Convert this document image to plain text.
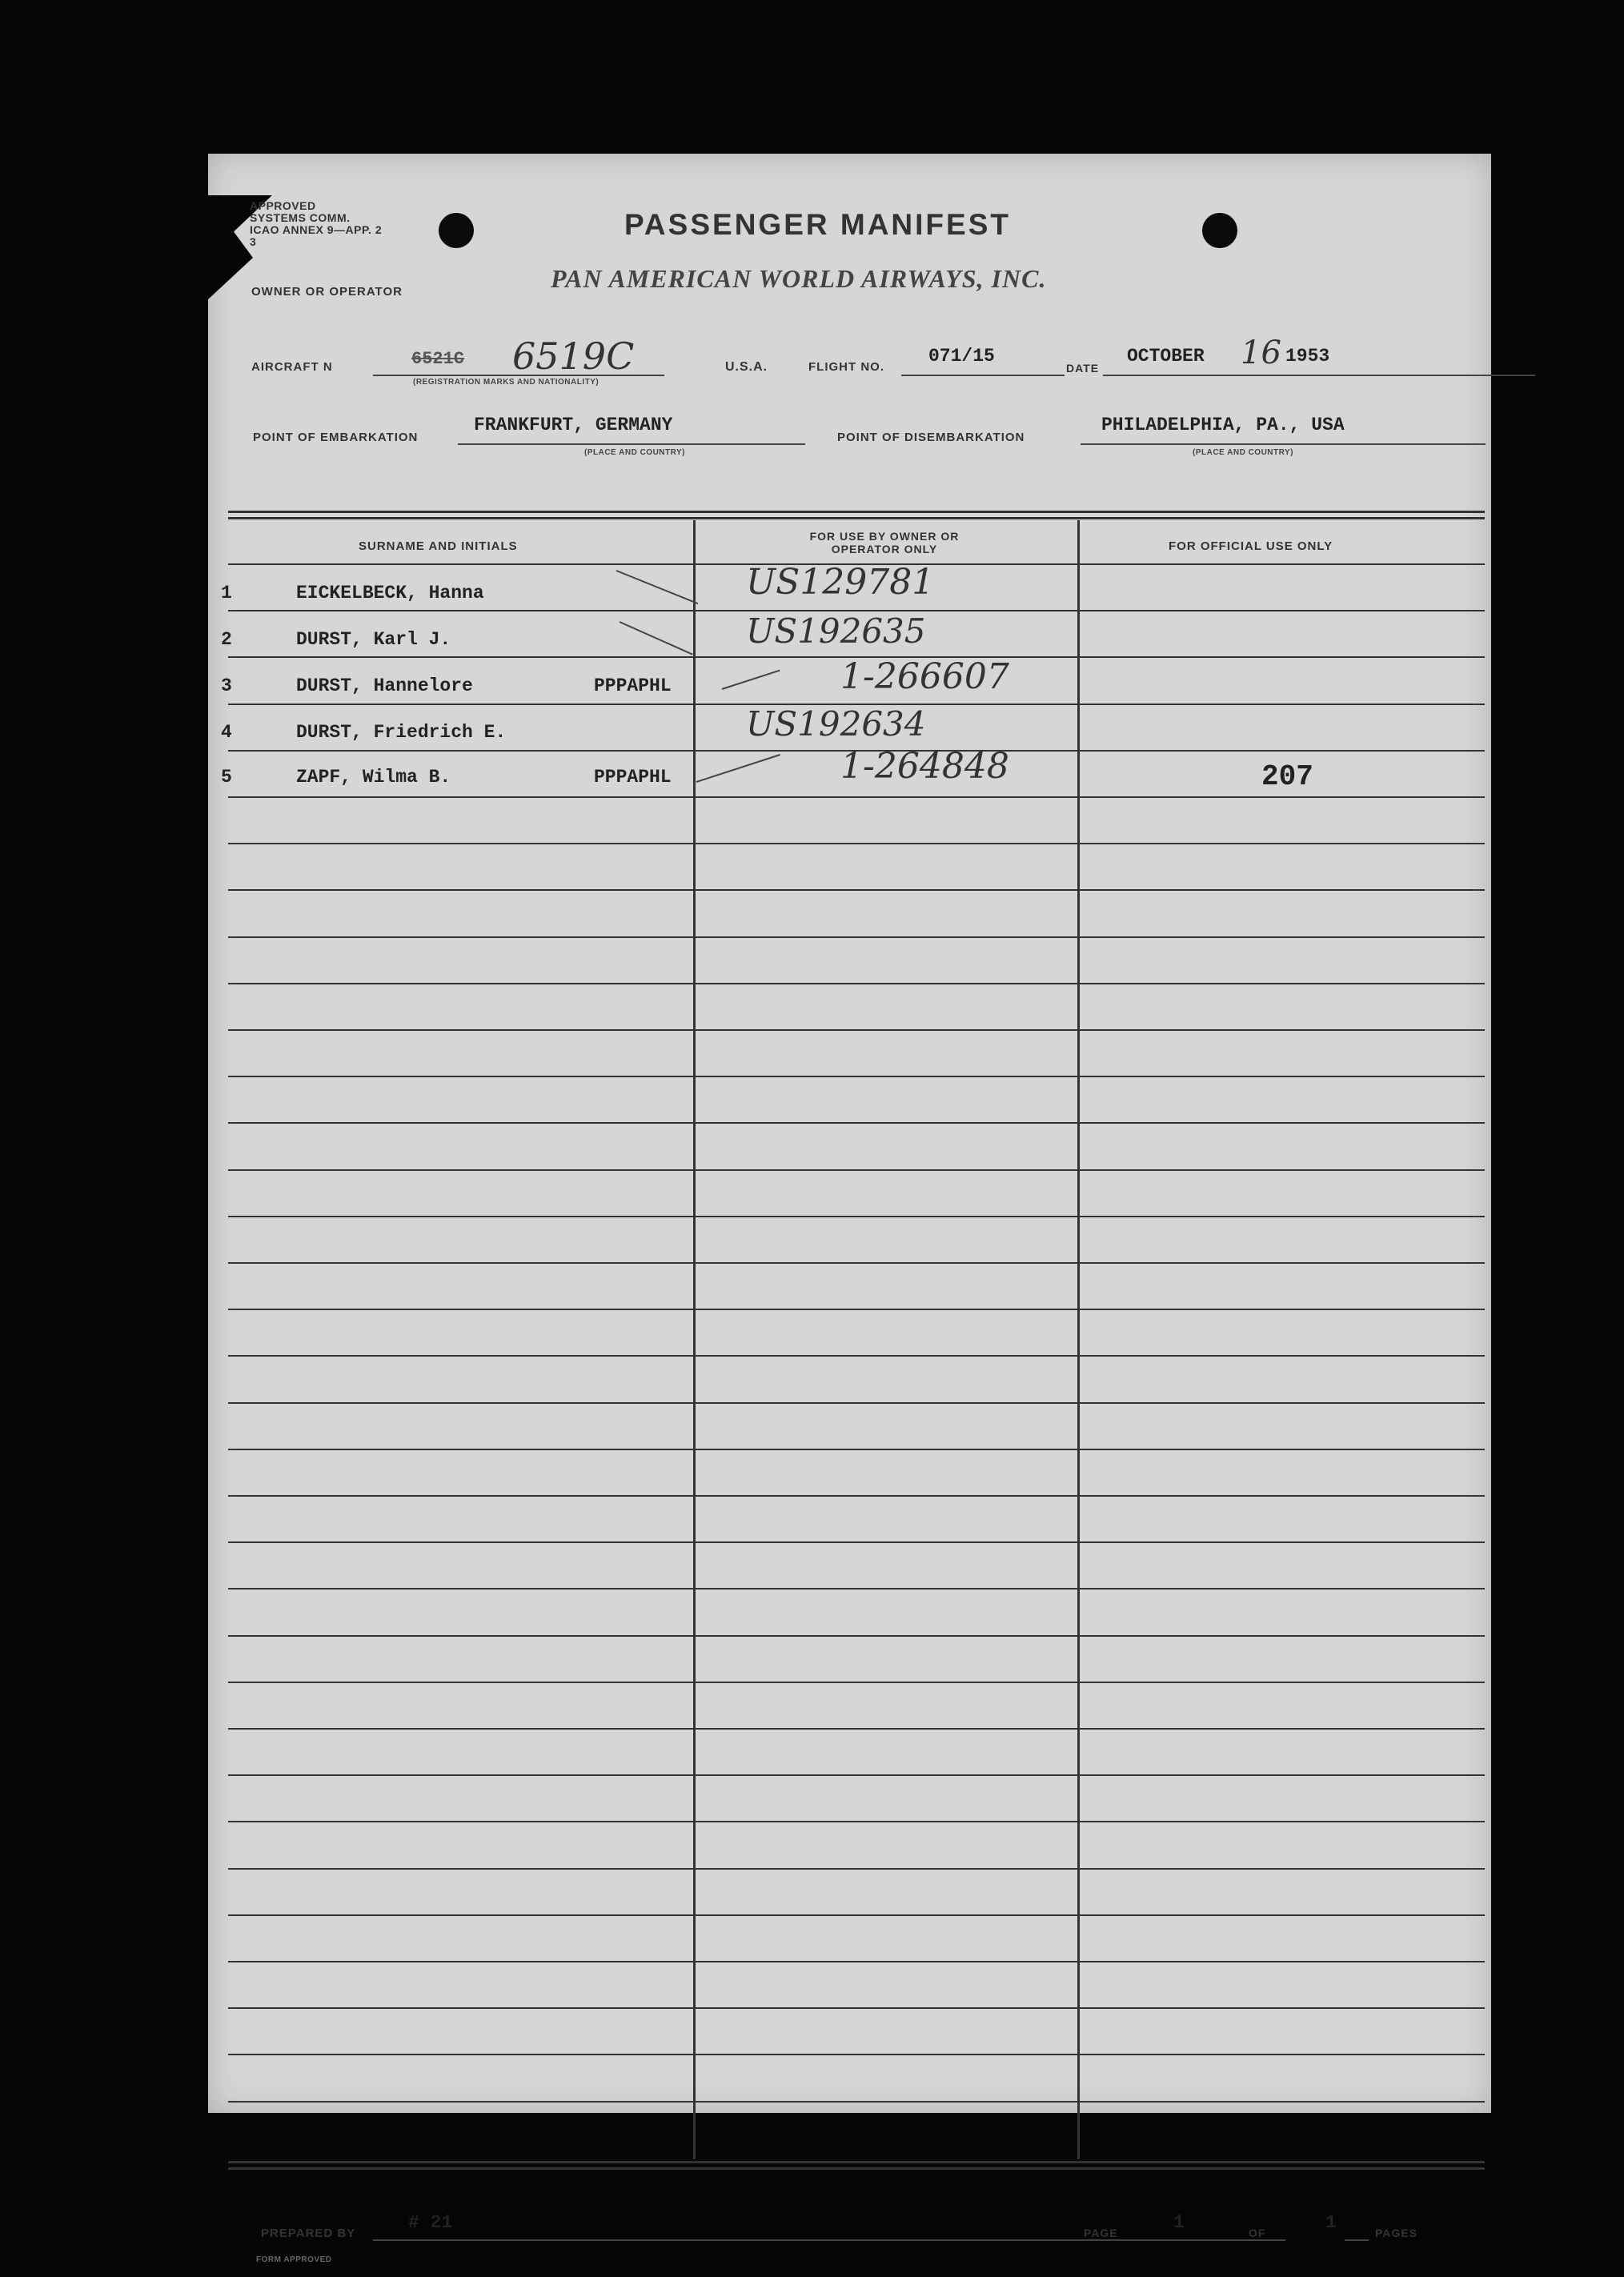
APPROVED
SYSTEMS COMM.
ICAO ANNEX 9—APP. 2
3
PASSENGER MANIFEST
OWNER OR OPERATOR	PAN AMERICAN WORLD AIRWAYS, INC.
AIRCRAFT N	6521C 6519C
(REGISTRATION MARKS AND NATIONALITY)
U.S.A.	FLIGHT NO.
071/15
DATE
OCTOBER 16 1953
POINT OF EMBARKATION
FRANKFURT, GERMANY
(PLACE AND COUNTRY)
POINT OF DISEMBARKATION
PHILADELPHIA, PA., USA
(PLACE AND COUNTRY)
SURNAME AND INITIALS
FOR USE BY OWNER OR OPERATOR ONLY	FOR OFFICIAL USE ONLY
1	EICKELBECK, Hanna	US129781
2	DURST, Karl J.	US192635
3	DURST, Hannelore	PPPAPHL	1-266607
4	DURST, Friedrich E.	US192634
5	ZAPF, Wilma B.	PPPAPHL	1-264848	207
PREPARED BY
# 21	PAGE	1	OF	1	PAGES
FORM APPROVED
